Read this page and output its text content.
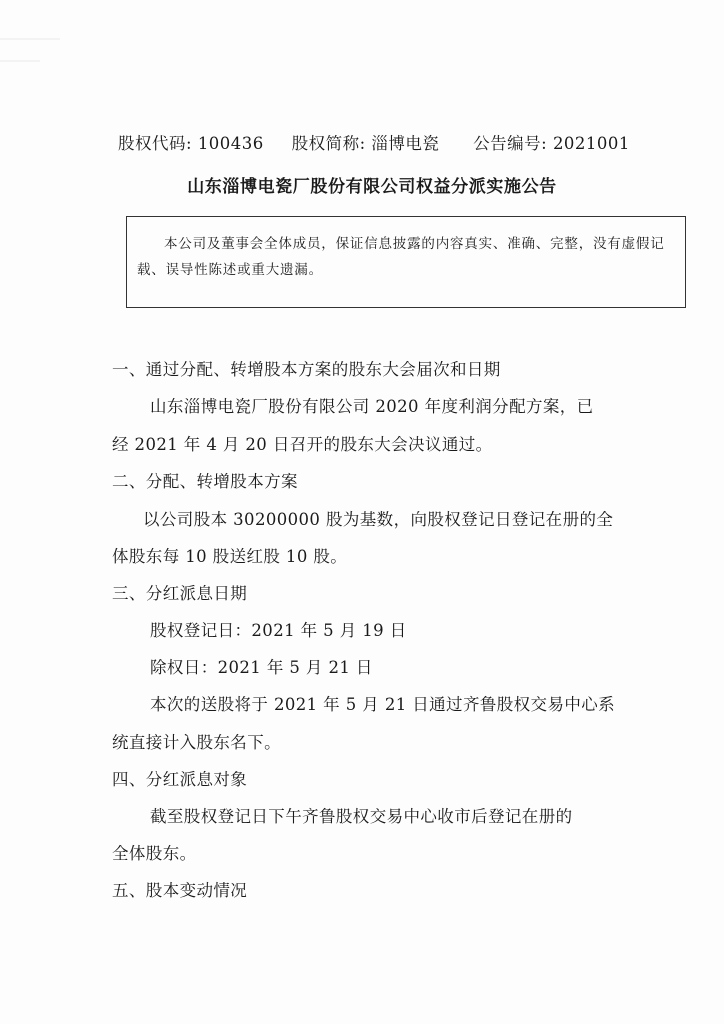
股权代码: 100436 股权简称: 淄博电瓷 公告编号: 2021001
山东淄博电瓷厂股份有限公司权益分派实施公告
本公司及董事会全体成员，保证信息披露的内容真实、准确、完整，没有虚假记载、误导性陈述或重大遗漏。
一、通过分配、转增股本方案的股东大会届次和日期
山东淄博电瓷厂股份有限公司 2020 年度利润分配方案，已
经 2021 年 4 月 20 日召开的股东大会决议通过。
二、分配、转增股本方案
以公司股本 30200000 股为基数，向股权登记日登记在册的全
体股东每 10 股送红股 10 股。
三、分红派息日期
股权登记日：2021 年 5 月 19 日
除权日：2021 年 5 月 21 日
本次的送股将于 2021 年 5 月 21 日通过齐鲁股权交易中心系
统直接计入股东名下。
四、分红派息对象
截至股权登记日下午齐鲁股权交易中心收市后登记在册的
全体股东。
五、股本变动情况
